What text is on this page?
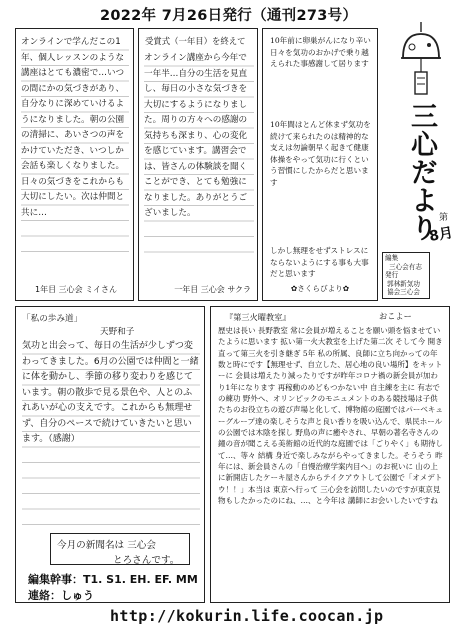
2022年 7月26日発行（通刊273号）
オンラインで学んだこの1年、個人レッスンのような講座はとても濃密で…いつの間にかの気づきがあり、自分なりに深めていけるようになりました。朝の公園の清掃に、あいさつの声をかけていただき、いつしか会話も楽しくなりました。日々の気づきをこれからも大切にしたい。次は仲間と共に…
1年目 三心会 ミイさん
受賞式（一年目）を終えて
オンライン講座から今年で一年半…自分の生活を見直し、毎日の小さな気づきを大切にするようになりました。周りの方々への感謝の気持ちも深まり、心の変化を感じています。講習会では、皆さんの体験談を聞くことができ、とても勉強になりました。ありがとうございました。
一年目 三心会 サクラ
10年前に卵巣がんになり辛い日々を気功のおかげで乗り越えられた事感謝して居ります
10年間はとんど休まず気功を続けて来られたのは精神的な支えは勿論朝早く起きて健康体操をやって気功に行くという習慣にしたからだと思います
しかし無理をせずストレスにならないようにする事も大事だと思います
✿さくらびより✿
三心だより 第
8月
編集
三心会有志
発行
郭林新気功
協会三心会
「私の歩み道」
天野和子
気功と出会って、毎日の生活が少しずつ変わってきました。6月の公園では仲間と一緒に体を動かし、季節の移り変わりを感じています。朝の散歩で見る景色や、人とのふれあいが心の支えです。これからも無理せず、自分のペースで続けていきたいと思います。（感謝）
今月の新聞名は 三心会
とろさんです。
編集幹事：T1. S1. EH. EF. MM
連絡：しゅう
『第三火曜教室』	おこよー
歴史は長い 長野教室 常に会員が増えることを願い頭を悩ませていたように思います 拡い第一火大教室を上げた第二次 そして今 開き直って第三火を引き継ぎ 5年 私の所属、良師に立ち向かっての年数と時にです【無理せず、自立した、居心地の良い場所】をキットーに 会員は増えたり減ったりですが昨年コロナ禍の新会員が加わり1年になります 再稼動のめどもつかない中 自主練を主に 有志での練功 野外へ、オリンピックのモニュメントのある競技場は子供たちのお役立ちの遊び声場と化して、博物館の庭園ではパーべキューグループ達の楽しそうな声と良い香りを吸い込んで、県民ホールの公園では木陰を探し 野鳥の声に癒やされ、早朝の著名寺さんの鐘の音が聞こえる美術館の近代的な庭園では「ごりやく」も期待して…、等々 結構 身近で楽しみながらやってきました。そうそう 昨年には、新会員さんの「自慢治療学案内目へ」のお祝いに 山の上に新開店したケーキ屋さんからテイクアウトして公園で「オメデトウ！！」本当は 東京へ行って 三心会を訪問したいのですが東京見物もしたかったのにね、…、と今年は 講師にお会いしたいですね
http://kokurin.life.coocan.jp
